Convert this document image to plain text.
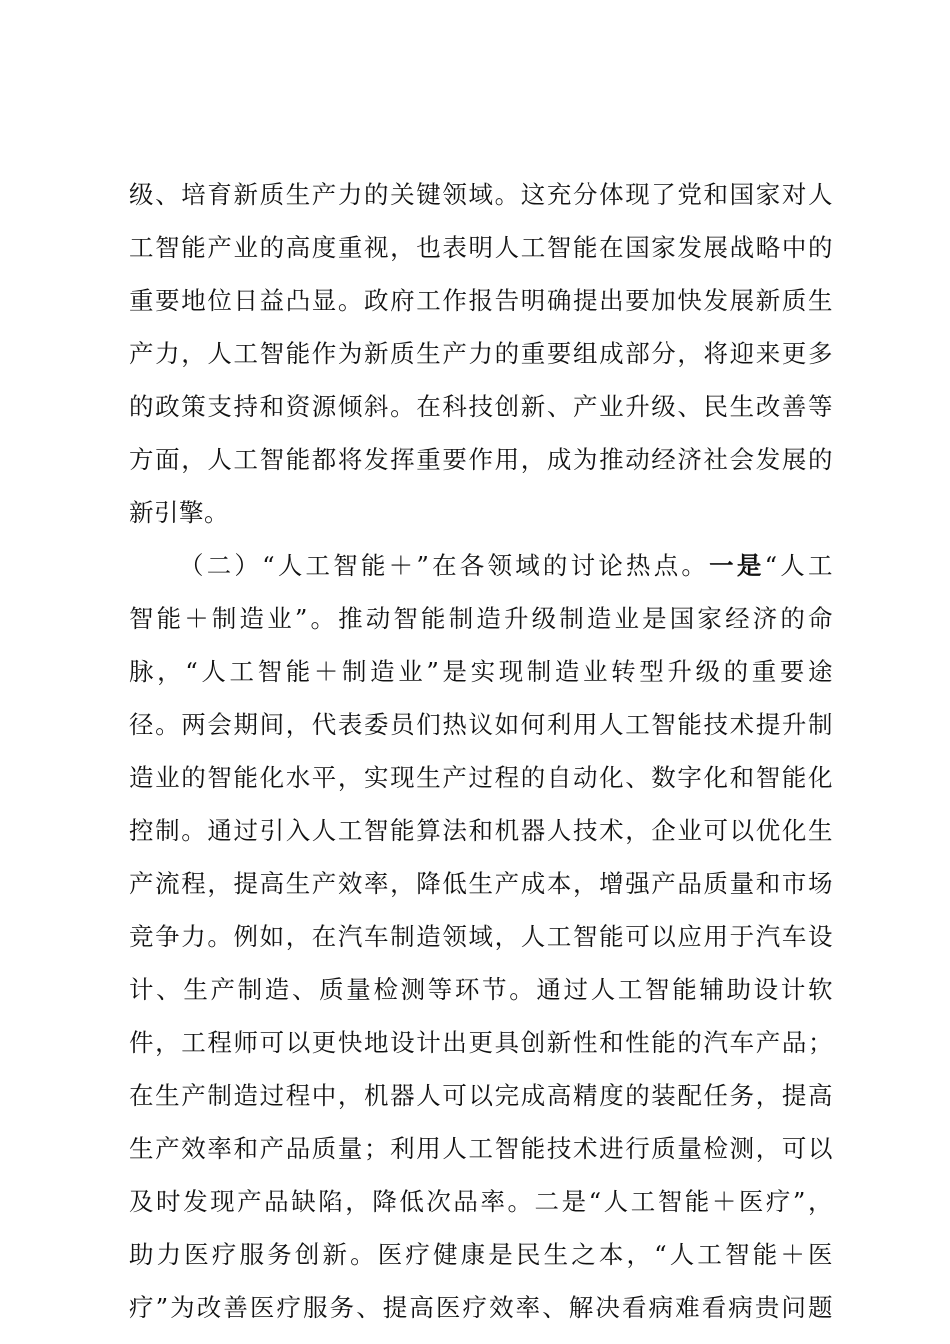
级、培育新质生产力的关键领域。这充分体现了党和国家对人
工智能产业的高度重视，也表明人工智能在国家发展战略中的
重要地位日益凸显。政府工作报告明确提出要加快发展新质生
产力，人工智能作为新质生产力的重要组成部分，将迎来更多
的政策支持和资源倾斜。在科技创新、产业升级、民生改善等
方面，人工智能都将发挥重要作用，成为推动经济社会发展的
新引擎。
（二）“人工智能＋”在各领域的讨论热点。一是“人工
智能＋制造业”。推动智能制造升级制造业是国家经济的命
脉，“人工智能＋制造业”是实现制造业转型升级的重要途
径。两会期间，代表委员们热议如何利用人工智能技术提升制
造业的智能化水平，实现生产过程的自动化、数字化和智能化
控制。通过引入人工智能算法和机器人技术，企业可以优化生
产流程，提高生产效率，降低生产成本，增强产品质量和市场
竞争力。例如，在汽车制造领域，人工智能可以应用于汽车设
计、生产制造、质量检测等环节。通过人工智能辅助设计软
件，工程师可以更快地设计出更具创新性和性能的汽车产品；
在生产制造过程中，机器人可以完成高精度的装配任务，提高
生产效率和产品质量；利用人工智能技术进行质量检测，可以
及时发现产品缺陷，降低次品率。二是“人工智能＋医疗”，
助力医疗服务创新。医疗健康是民生之本，“人工智能＋医
疗”为改善医疗服务、提高医疗效率、解决看病难看病贵问题
